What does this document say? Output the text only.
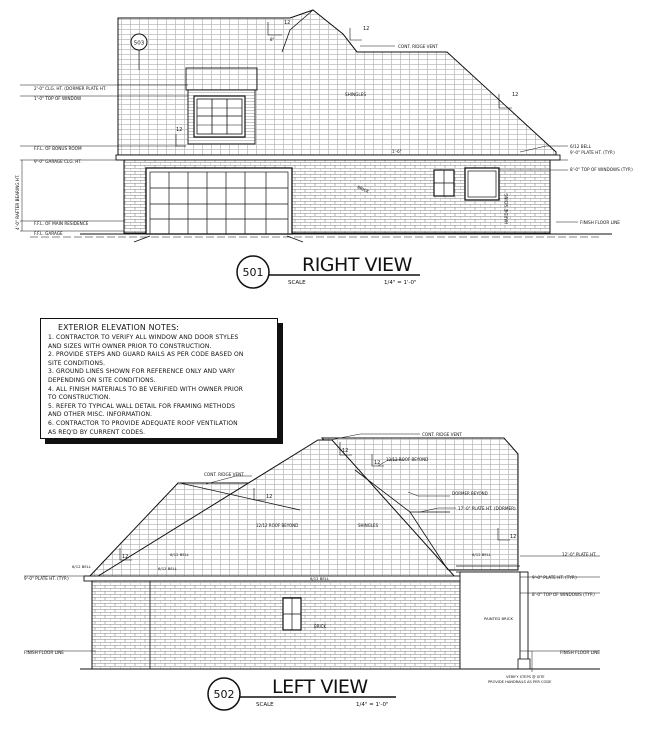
503
2'-0" CLG. HT. (DORMER PLATE HT.
1'-0" TOP OF WINDOW
F.F.L. OF BONUS ROOM
9'-0" GARAGE CLG. HT.
4'-0" RAFTER BEARING HT.	F.F.L. OF MAIN RESIDENCE
F.F.L. GARAGE
CONT. RIDGE VENT
SHINGLES
6/12 BELL
9'-0" PLATE HT. (TYP.)
8'-0" TOP OF WINDOWS (TYP.)
FINISH FLOOR LINE
BRICK
HARDIE SIDING
12
12
12
12
1'-6"
8"
501 RIGHT VIEW
SCALE	1/4" = 1'-0"
CONT. RIDGE VENT
CONT. RIDGE VENT
12/12 ROOF BEYOND
12/12 ROOF BEYOND
DORMER BEYOND
17'-0" PLATE HT. (DORMER)
SHINGLES
12'-0" PLATE HT.
9'-0" PLATE HT. (TYP.)	9'-0" PLATE HT. (TYP.)
8'-0" TOP OF WINDOWS (TYP.)
FINISH FLOOR LINE	FINISH FLOOR LINE
PAINTED BRICK
BRICK
6/12 BELL	6/12 BELL
6/12 BELL	6/12 BELL
6/12 BELL
VERIFY STEPS @ SITE
PROVIDE HANDRAILS AS PER CODE
12
12
12
12
12
502 LEFT VIEW
SCALE	1/4" = 1'-0"
EXTERIOR ELEVATION NOTES:
1. CONTRACTOR TO VERIFY ALL WINDOW AND DOOR STYLES
AND SIZES WITH OWNER PRIOR TO CONSTRUCTION.
2. PROVIDE STEPS AND GUARD RAILS AS PER CODE BASED ON
SITE CONDITIONS.
3. GROUND LINES SHOWN FOR REFERENCE ONLY AND VARY
DEPENDING ON SITE CONDITIONS.
4. ALL FINISH MATERIALS TO BE VERIFIED WITH OWNER PRIOR
TO CONSTRUCTION.
5. REFER TO TYPICAL WALL DETAIL FOR FRAMING METHODS
AND OTHER MISC. INFORMATION.
6. CONTRACTOR TO PROVIDE ADEQUATE ROOF VENTILATION
AS REQ'D BY CURRENT CODES.
